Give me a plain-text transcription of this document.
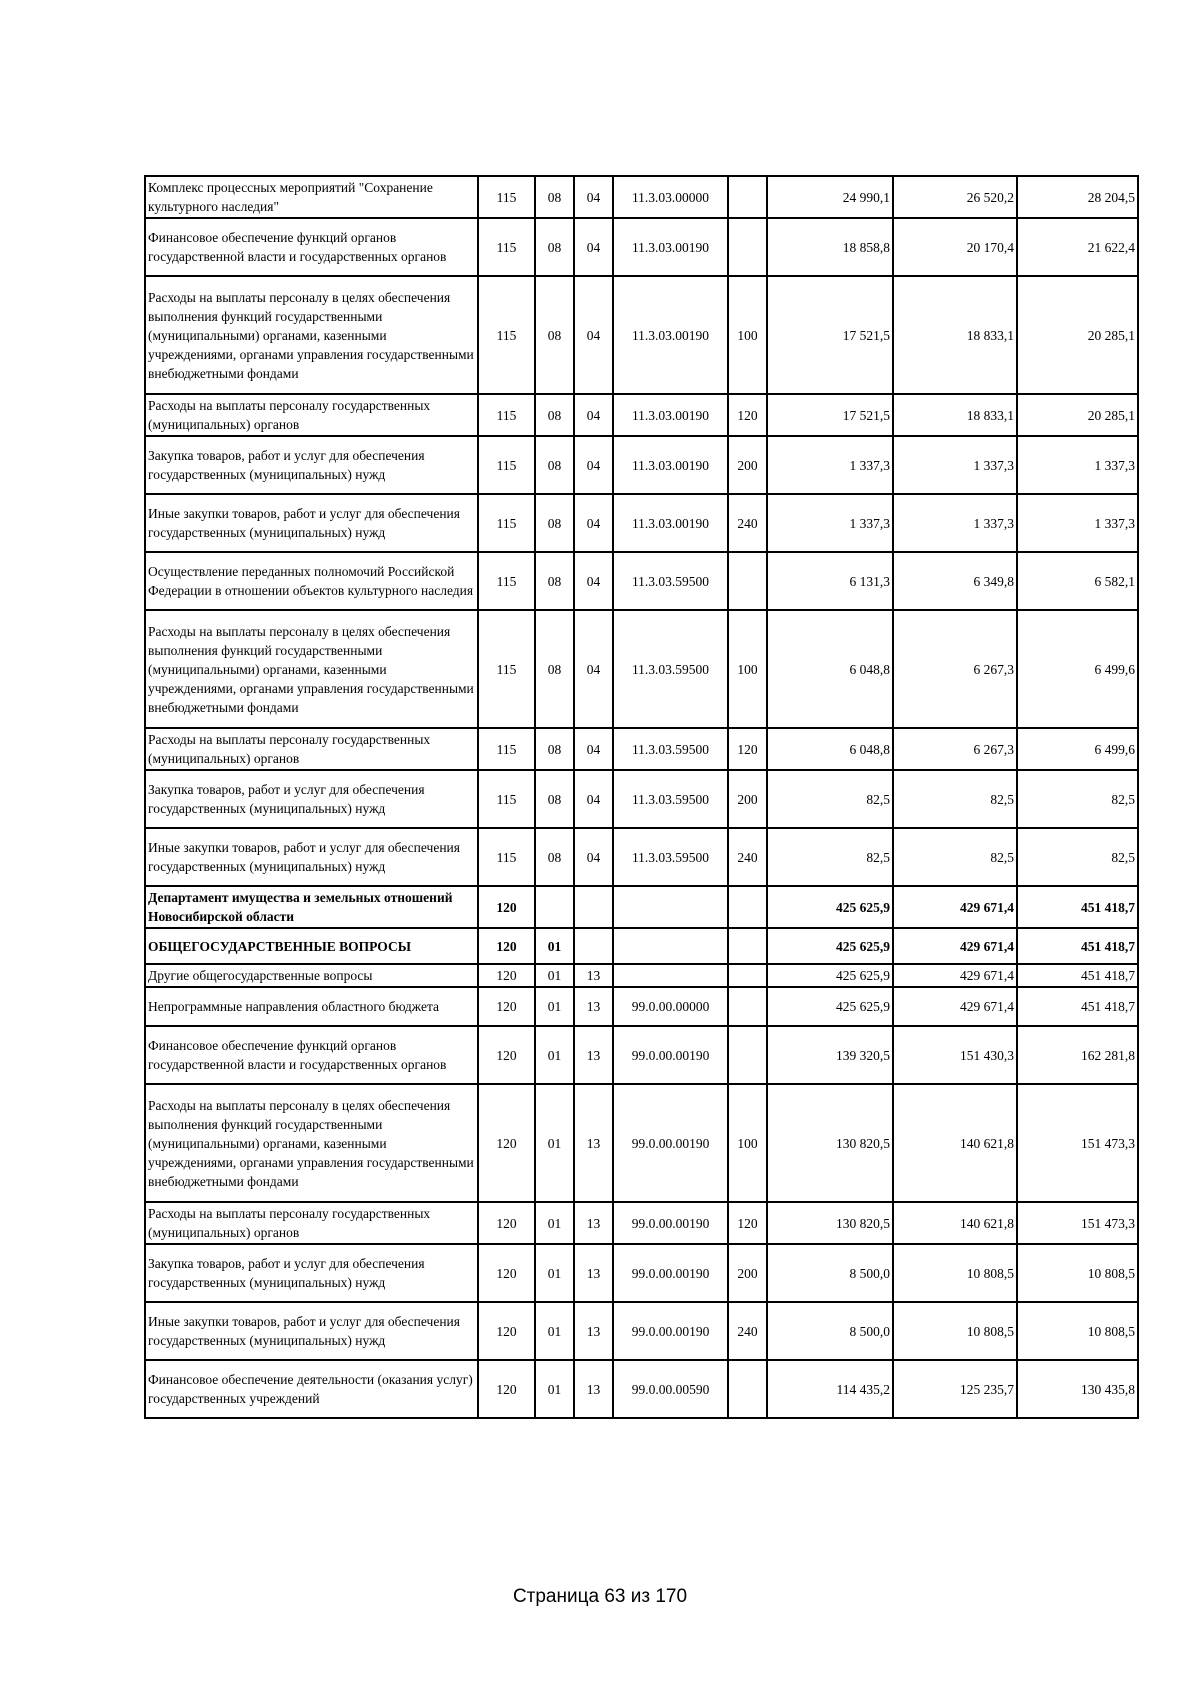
Комплекс процессных мероприятий "Сохранение культурного наследия"	115	08	04	11.3.03.00000		24 990,1	26 520,2	28 204,5
Финансовое обеспечение функций органов государственной власти и государственных органов	115	08	04	11.3.03.00190		18 858,8	20 170,4	21 622,4
Расходы на выплаты персоналу в целях обеспечения выполнения функций государственными (муниципальными) органами, казенными учреждениями, органами управления государственными внебюджетными фондами	115	08	04	11.3.03.00190	100	17 521,5	18 833,1	20 285,1
Расходы на выплаты персоналу государственных (муниципальных) органов	115	08	04	11.3.03.00190	120	17 521,5	18 833,1	20 285,1
Закупка товаров, работ и услуг для обеспечения государственных (муниципальных) нужд	115	08	04	11.3.03.00190	200	1 337,3	1 337,3	1 337,3
Иные закупки товаров, работ и услуг для обеспечения государственных (муниципальных) нужд	115	08	04	11.3.03.00190	240	1 337,3	1 337,3	1 337,3
Осуществление переданных полномочий Российской Федерации в отношении объектов культурного наследия	115	08	04	11.3.03.59500		6 131,3	6 349,8	6 582,1
Расходы на выплаты персоналу в целях обеспечения выполнения функций государственными (муниципальными) органами, казенными учреждениями, органами управления государственными внебюджетными фондами	115	08	04	11.3.03.59500	100	6 048,8	6 267,3	6 499,6
Расходы на выплаты персоналу государственных (муниципальных) органов	115	08	04	11.3.03.59500	120	6 048,8	6 267,3	6 499,6
Закупка товаров, работ и услуг для обеспечения государственных (муниципальных) нужд	115	08	04	11.3.03.59500	200	82,5	82,5	82,5
Иные закупки товаров, работ и услуг для обеспечения государственных (муниципальных) нужд	115	08	04	11.3.03.59500	240	82,5	82,5	82,5
Департамент имущества и земельных отношений Новосибирской области	120					425 625,9	429 671,4	451 418,7
ОБЩЕГОСУДАРСТВЕННЫЕ ВОПРОСЫ	120	01				425 625,9	429 671,4	451 418,7
Другие общегосударственные вопросы	120	01	13			425 625,9	429 671,4	451 418,7
Непрограммные направления областного бюджета	120	01	13	99.0.00.00000		425 625,9	429 671,4	451 418,7
Финансовое обеспечение функций органов государственной власти и государственных органов	120	01	13	99.0.00.00190		139 320,5	151 430,3	162 281,8
Расходы на выплаты персоналу в целях обеспечения выполнения функций государственными (муниципальными) органами, казенными учреждениями, органами управления государственными внебюджетными фондами	120	01	13	99.0.00.00190	100	130 820,5	140 621,8	151 473,3
Расходы на выплаты персоналу государственных (муниципальных) органов	120	01	13	99.0.00.00190	120	130 820,5	140 621,8	151 473,3
Закупка товаров, работ и услуг для обеспечения государственных (муниципальных) нужд	120	01	13	99.0.00.00190	200	8 500,0	10 808,5	10 808,5
Иные закупки товаров, работ и услуг для обеспечения государственных (муниципальных) нужд	120	01	13	99.0.00.00190	240	8 500,0	10 808,5	10 808,5
Финансовое обеспечение деятельности (оказания услуг) государственных учреждений	120	01	13	99.0.00.00590		114 435,2	125 235,7	130 435,8
Страница 63 из 170
